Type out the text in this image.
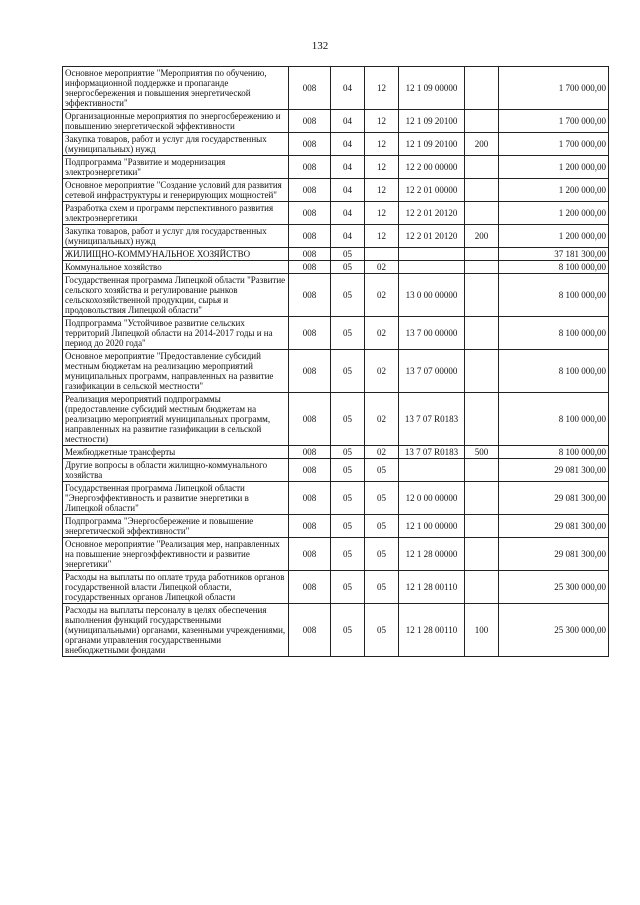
132
Основное мероприятие "Мероприятия по обучению, информационной поддержке и пропаганде энергосбережения и повышения энергетической эффективности"	008	04	12	12 1 09 00000		1 700 000,00
Организационные мероприятия по энергосбережению и повышению энергетической эффективности	008	04	12	12 1 09 20100		1 700 000,00
Закупка товаров, работ и услуг для государственных (муниципальных) нужд	008	04	12	12 1 09 20100	200	1 700 000,00
Подпрограмма "Развитие и модернизация электроэнергетики"	008	04	12	12 2 00 00000		1 200 000,00
Основное мероприятие "Создание условий для развития сетевой инфраструктуры и генерирующих мощностей"	008	04	12	12 2 01 00000		1 200 000,00
Разработка схем и программ перспективного развития электроэнергетики	008	04	12	12 2 01 20120		1 200 000,00
Закупка товаров, работ и услуг для государственных (муниципальных) нужд	008	04	12	12 2 01 20120	200	1 200 000,00
ЖИЛИЩНО-КОММУНАЛЬНОЕ ХОЗЯЙСТВО	008	05				37 181 300,00
Коммунальное хозяйство	008	05	02			8 100 000,00
Государственная программа Липецкой области "Развитие сельского хозяйства и регулирование рынков сельскохозяйственной продукции, сырья и продовольствия Липецкой области"	008	05	02	13 0 00 00000		8 100 000,00
Подпрограмма "Устойчивое развитие сельских территорий Липецкой области на 2014-2017 годы и на период до 2020 года"	008	05	02	13 7 00 00000		8 100 000,00
Основное мероприятие "Предоставление субсидий местным бюджетам на реализацию мероприятий муниципальных программ, направленных на развитие газификации в сельской местности"	008	05	02	13 7 07 00000		8 100 000,00
Реализация мероприятий подпрограммы (предоставление субсидий местным бюджетам на реализацию мероприятий муниципальных программ, направленных на развитие газификации в сельской местности)	008	05	02	13 7 07 R0183		8 100 000,00
Межбюджетные трансферты	008	05	02	13 7 07 R0183	500	8 100 000,00
Другие вопросы в области жилищно-коммунального хозяйства	008	05	05			29 081 300,00
Государственная программа Липецкой области "Энергоэффективность и развитие энергетики в Липецкой области"	008	05	05	12 0 00 00000		29 081 300,00
Подпрограмма "Энергосбережение и повышение энергетической эффективности"	008	05	05	12 1 00 00000		29 081 300,00
Основное мероприятие "Реализация мер, направленных на повышение энергоэффективности и развитие энергетики"	008	05	05	12 1 28 00000		29 081 300,00
Расходы на выплаты по оплате труда работников органов государственной власти Липецкой области, государственных органов Липецкой области	008	05	05	12 1 28 00110		25 300 000,00
Расходы на выплаты персоналу в целях обеспечения выполнения функций государственными (муниципальными) органами, казенными учреждениями, органами управления государственными внебюджетными фондами	008	05	05	12 1 28 00110	100	25 300 000,00
